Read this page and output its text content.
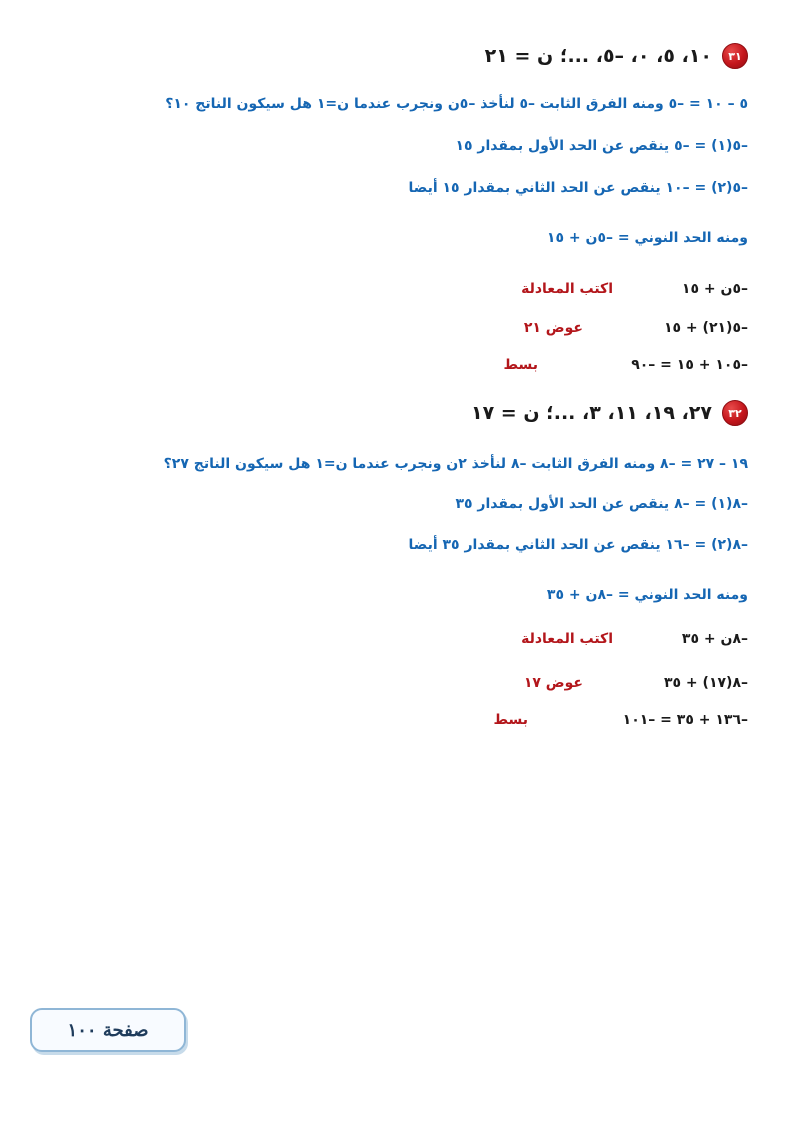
٣١
١٠، ٥، ٠، –٥، ...؛ ن = ٢١
٥ – ١٠ = –٥ ومنه الفرق الثابت –٥ لنأخذ –٥ن ونجرب عندما ن=١ هل سيكون الناتج ١٠؟
–٥(١) = –٥ ينقص عن الحد الأول بمقدار ١٥
–٥(٢) = –١٠ ينقص عن الحد الثاني بمقدار ١٥ أيضا
ومنه الحد النوني = –٥ن + ١٥
–٥ن + ١٥
اكتب المعادلة
–٥(٢١) + ١٥
عوض ٢١
–١٠٥ + ١٥ = –٩٠
بسط
٣٢
٢٧، ١٩، ١١، ٣، ...؛ ن = ١٧
١٩ – ٢٧ = –٨ ومنه الفرق الثابت –٨ لنأخذ ٢ن ونجرب عندما ن=١ هل سيكون الناتج ٢٧؟
–٨(١) = –٨ ينقص عن الحد الأول بمقدار ٣٥
–٨(٢) = –١٦ ينقص عن الحد الثاني بمقدار ٣٥ أيضا
ومنه الحد النوني = –٨ن + ٣٥
–٨ن + ٣٥
اكتب المعادلة
–٨(١٧) + ٣٥
عوض ١٧
–١٣٦ + ٣٥ = –١٠١
بسط
صفحة ١٠٠
